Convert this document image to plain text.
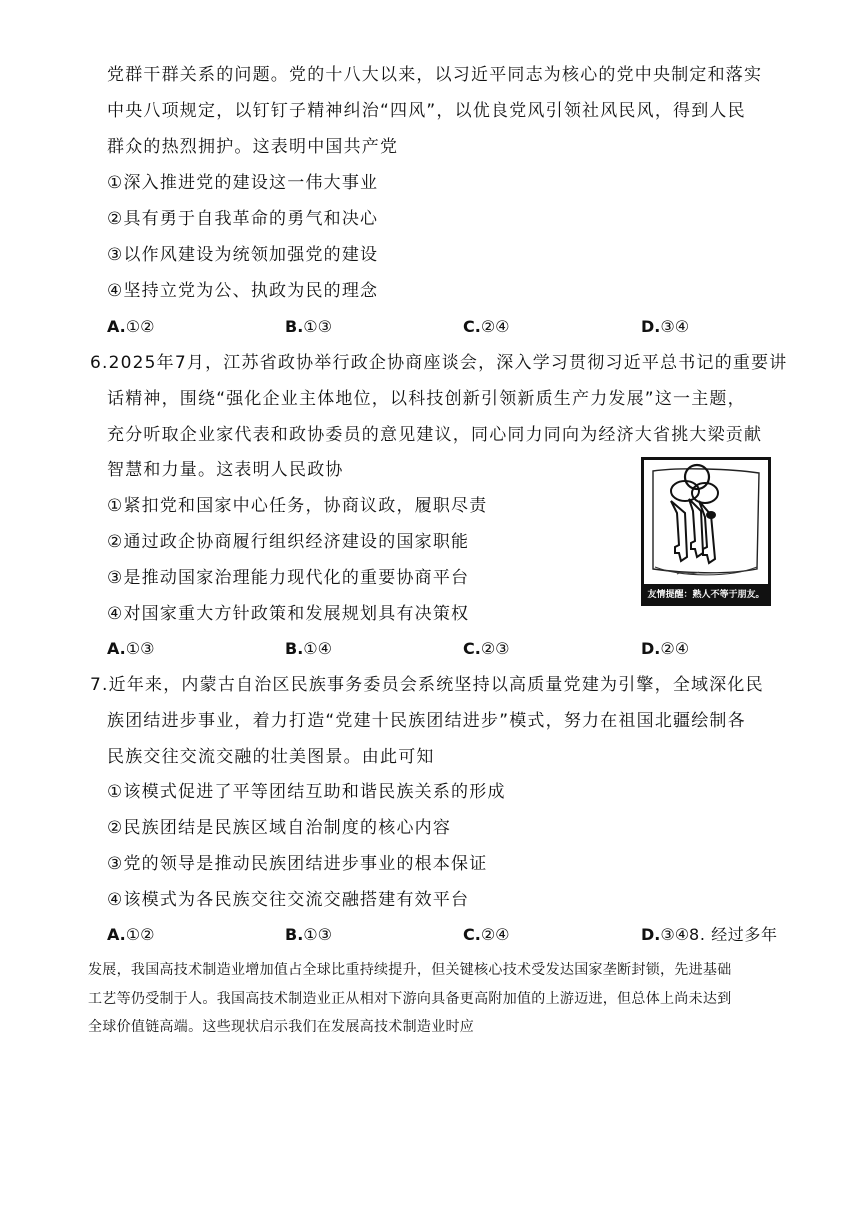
党群干群关系的问题。党的十八大以来，以习近平同志为核心的党中央制定和落实
中央八项规定，以钉钉子精神纠治“四风”，以优良党风引领社风民风，得到人民
群众的热烈拥护。这表明中国共产党
①深入推进党的建设这一伟大事业
②具有勇于自我革命的勇气和决心
③以作风建设为统领加强党的建设
④坚持立党为公、执政为民的理念
A.①②	B.①③	C.②④	D.③④
6.2025年7月，江苏省政协举行政企协商座谈会，深入学习贯彻习近平总书记的重要讲
话精神，围绕“强化企业主体地位，以科技创新引领新质生产力发展”这一主题，
充分听取企业家代表和政协委员的意见建议，同心同力同向为经济大省挑大梁贡献
智慧和力量。这表明人民政协
①紧扣党和国家中心任务，协商议政，履职尽责
②通过政企协商履行组织经济建设的国家职能
③是推动国家治理能力现代化的重要协商平台
④对国家重大方针政策和发展规划具有决策权
友情提醒：熟人不等于朋友。
A.①③	B.①④	C.②③	D.②④
7.近年来，内蒙古自治区民族事务委员会系统坚持以高质量党建为引擎，全域深化民
族团结进步事业，着力打造“党建十民族团结进步”模式，努力在祖国北疆绘制各
民族交往交流交融的壮美图景。由此可知
①该模式促进了平等团结互助和谐民族关系的形成
②民族团结是民族区域自治制度的核心内容
③党的领导是推动民族团结进步事业的根本保证
④该模式为各民族交往交流交融搭建有效平台
A.①②	B.①③	C.②④	D.③④8. 经过多年
发展，我国高技术制造业增加值占全球比重持续提升，但关键核心技术受发达国家垄断封锁，先进基础
工艺等仍受制于人。我国高技术制造业正从相对下游向具备更高附加值的上游迈进，但总体上尚未达到
全球价值链高端。这些现状启示我们在发展高技术制造业时应
